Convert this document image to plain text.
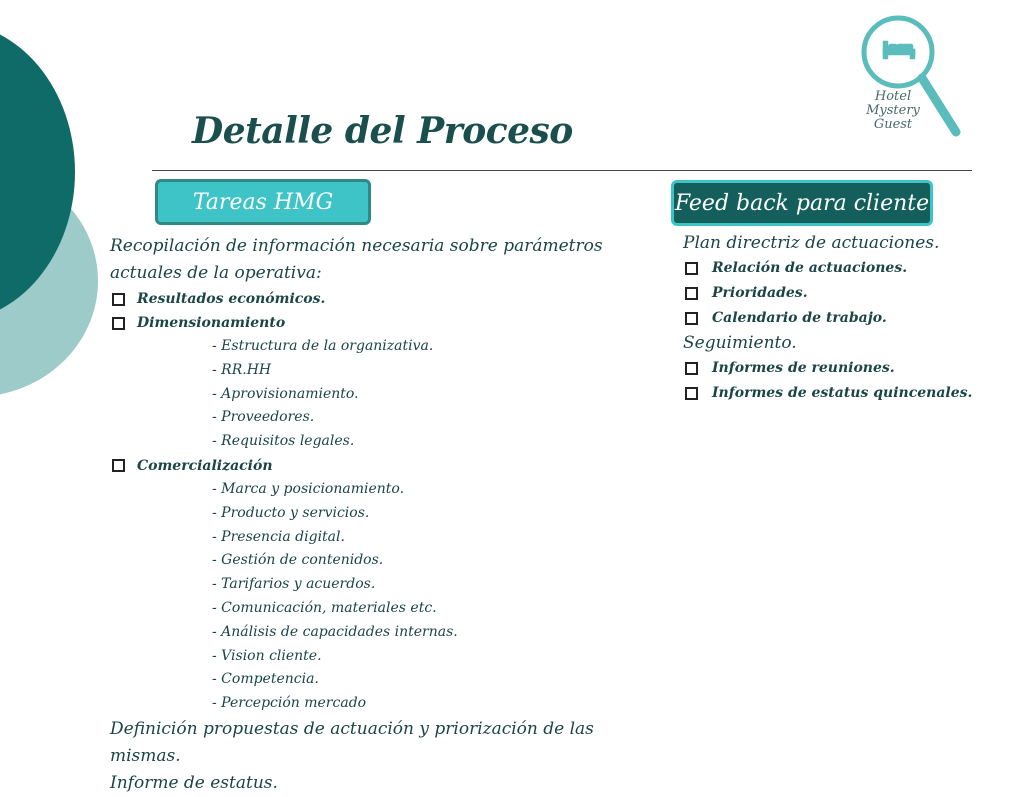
Detalle del Proceso
Hotel
Mystery
Guest
Tareas HMG	Feed back para cliente
Recopilación de información necesaria sobre parámetros actuales de la operativa:
Resultados económicos.
Dimensionamiento
- Estructura de la organizativa.
- RR.HH
- Aprovisionamiento.
- Proveedores.
- Requisitos legales.
Comercialización
- Marca y posicionamiento.
- Producto y servicios.
- Presencia digital.
- Gestión de contenidos.
- Tarifarios y acuerdos.
- Comunicación, materiales etc.
- Análisis de capacidades internas.
- Vision cliente.
- Competencia.
- Percepción mercado
Definición propuestas de actuación y priorización de las mismas.
Informe de estatus.
Plan directriz de actuaciones.
Relación de actuaciones.
Prioridades.
Calendario de trabajo.
Seguimiento.
Informes de reuniones.
Informes de estatus quincenales.
